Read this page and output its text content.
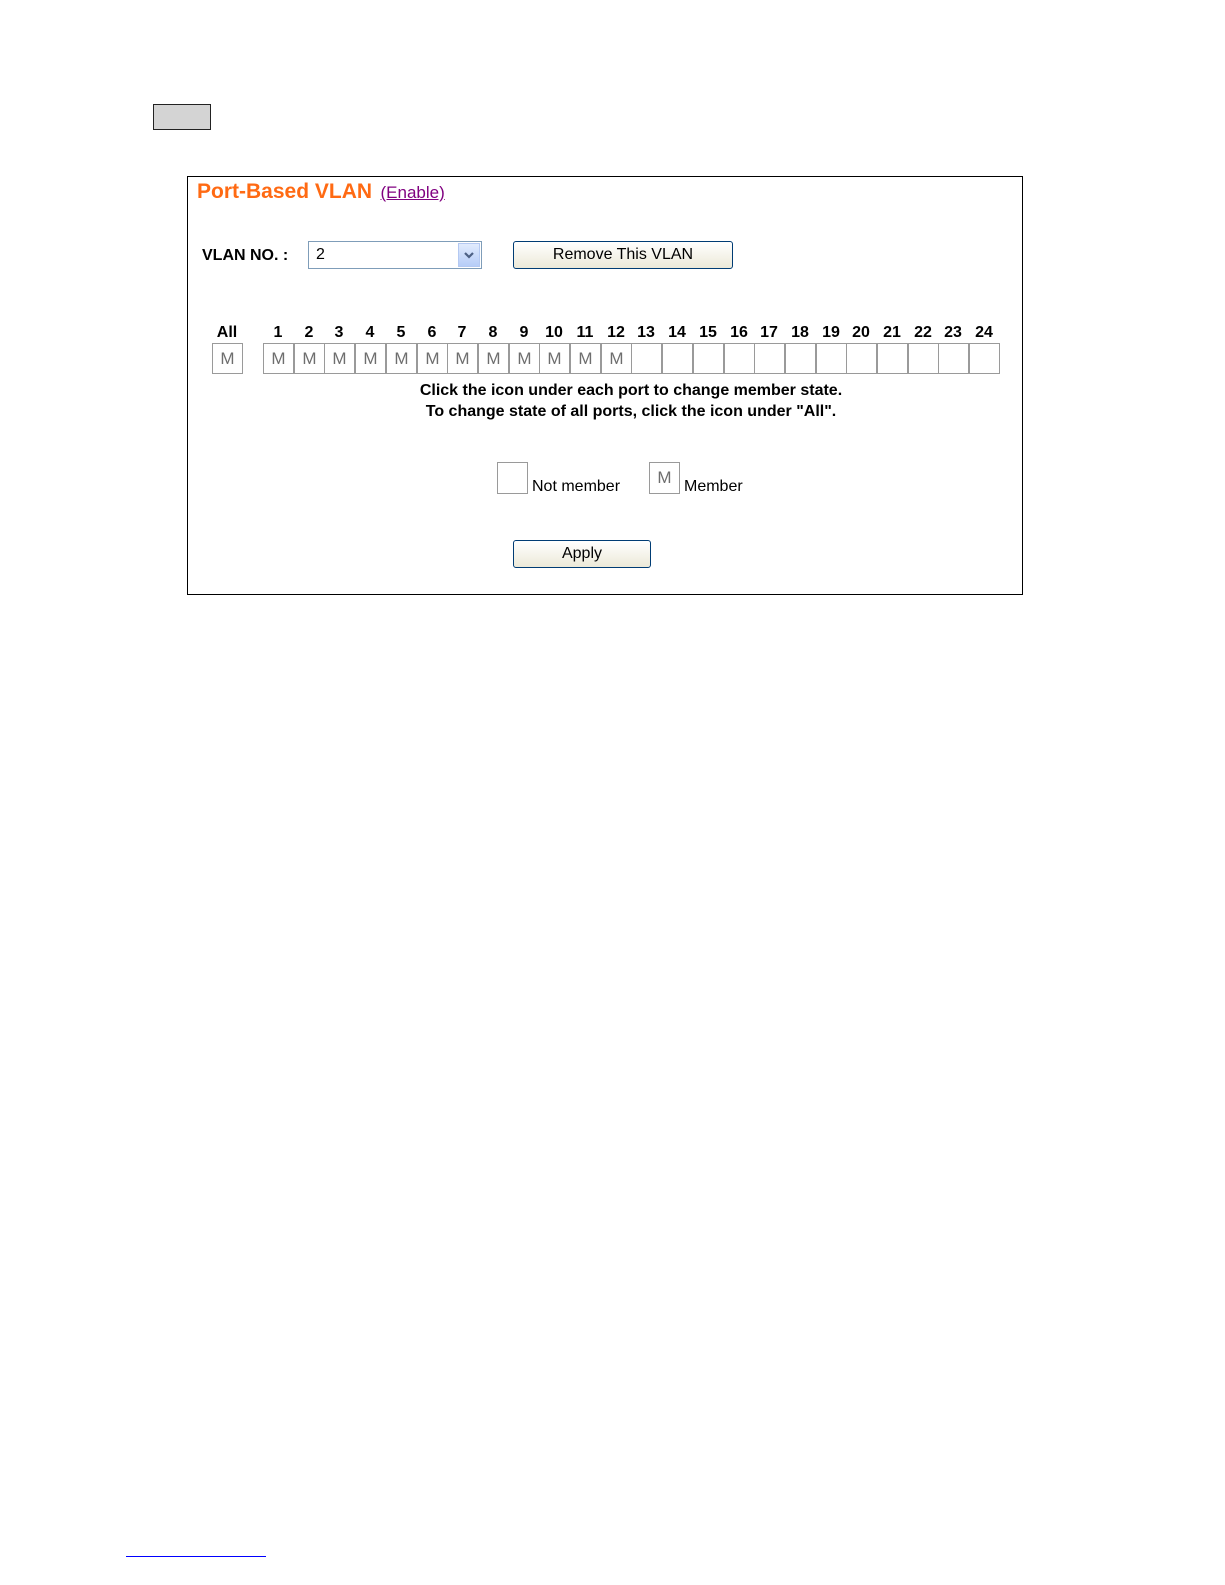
Port-Based VLAN (Enable)
VLAN NO. : 2	Remove This VLAN
All
M
1
M
2
M
3
M
4
M
5
M
6
M
7
M
8
M
9
M
10
M
11
M
12
M
13 14 15 16 17 18 19 20 21 22 23 24
Click the icon under each port to change member state.
To change state of all ports, click the icon under "All".
Not member	M Member
Apply
